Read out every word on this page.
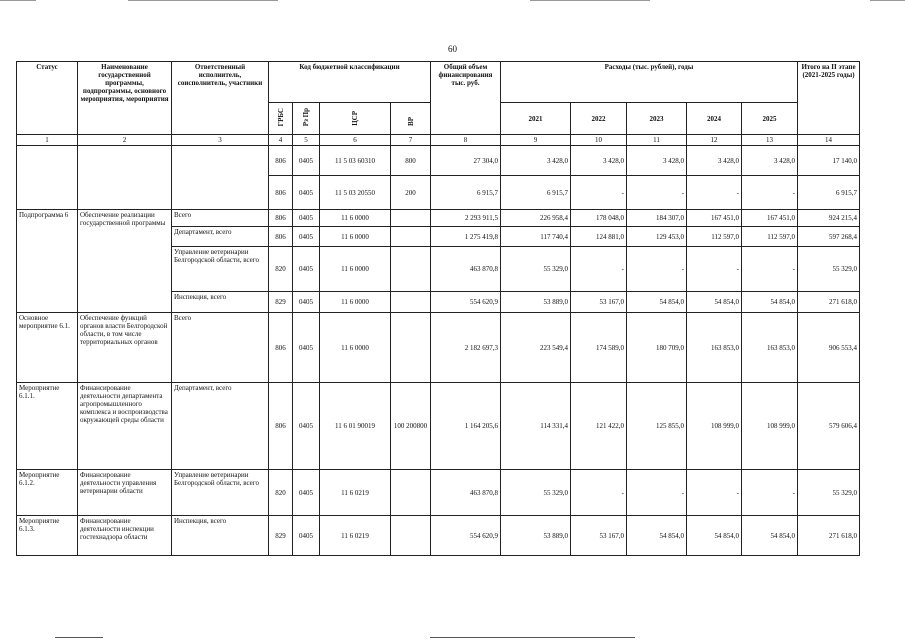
60
Статус	Наименование государственной программы, подпрограммы, основного мероприятия, мероприятия	Ответственный исполнитель, соисполнитель, участники	Код бюджетной классификации				Общий объем финансирования тыс. руб.	Расходы (тыс. рублей), годы					Итого на II этапе (2021-2025 годы)
			ГРБС	Рз Пр	ЦСР	ВР		2021	2022	2023	2024	2025	
1	2	3	4	5	6	7	8	9	10	11	12	13	14
			806	0405	11 5 03 60310	800	27 304,0	3 428,0	3 428,0	3 428,0	3 428,0	3 428,0	17 140,0
			806	0405	11 5 03 20550	200	6 915,7	6 915,7	-	-	-	-	6 915,7
Подпрограмма 6	Обеспечение реализации государственной программы	Всего	806	0405	11 6 0000		2 293 911,5	226 958,4	178 048,0	184 307,0	167 451,0	167 451,0	924 215,4
		Департамент, всего	806	0405	11 6 0000		1 275 419,8	117 740,4	124 881,0	129 453,0	112 597,0	112 597,0	597 268,4
		Управление ветеринарии Белгородской области, всего	820	0405	11 6 0000		463 870,8	55 329,0	-	-	-	-	55 329,0
		Инспекция, всего	829	0405	11 6 0000		554 620,9	53 889,0	53 167,0	54 854,0	54 854,0	54 854,0	271 618,0
Основное мероприятие 6.1.	Обеспечение функций органов власти Белгородской области, в том числе территориальных органов	Всего	806	0405	11 6 0000		2 182 697,3	223 549,4	174 589,0	180 709,0	163 853,0	163 853,0	906 553,4
Мероприятие 6.1.1.	Финансирование деятельности департамента агропромышленного комплекса и воспроизводства окружающей среды области	Департамент, всего	806	0405	11 6 01 90019	100 200800	1 164 205,6	114 331,4	121 422,0	125 855,0	108 999,0	108 999,0	579 606,4
Мероприятие 6.1.2.	Финансирование деятельности управления ветеринарии области	Управление ветеринарии Белгородской области, всего	820	0405	11 6 0219		463 870,8	55 329,0	-	-	-	-	55 329,0
Мероприятие 6.1.3.	Финансирование деятельности инспекции гостехнадзора области	Инспекция, всего	829	0405	11 6 0219		554 620,9	53 889,0	53 167,0	54 854,0	54 854,0	54 854,0	271 618,0
